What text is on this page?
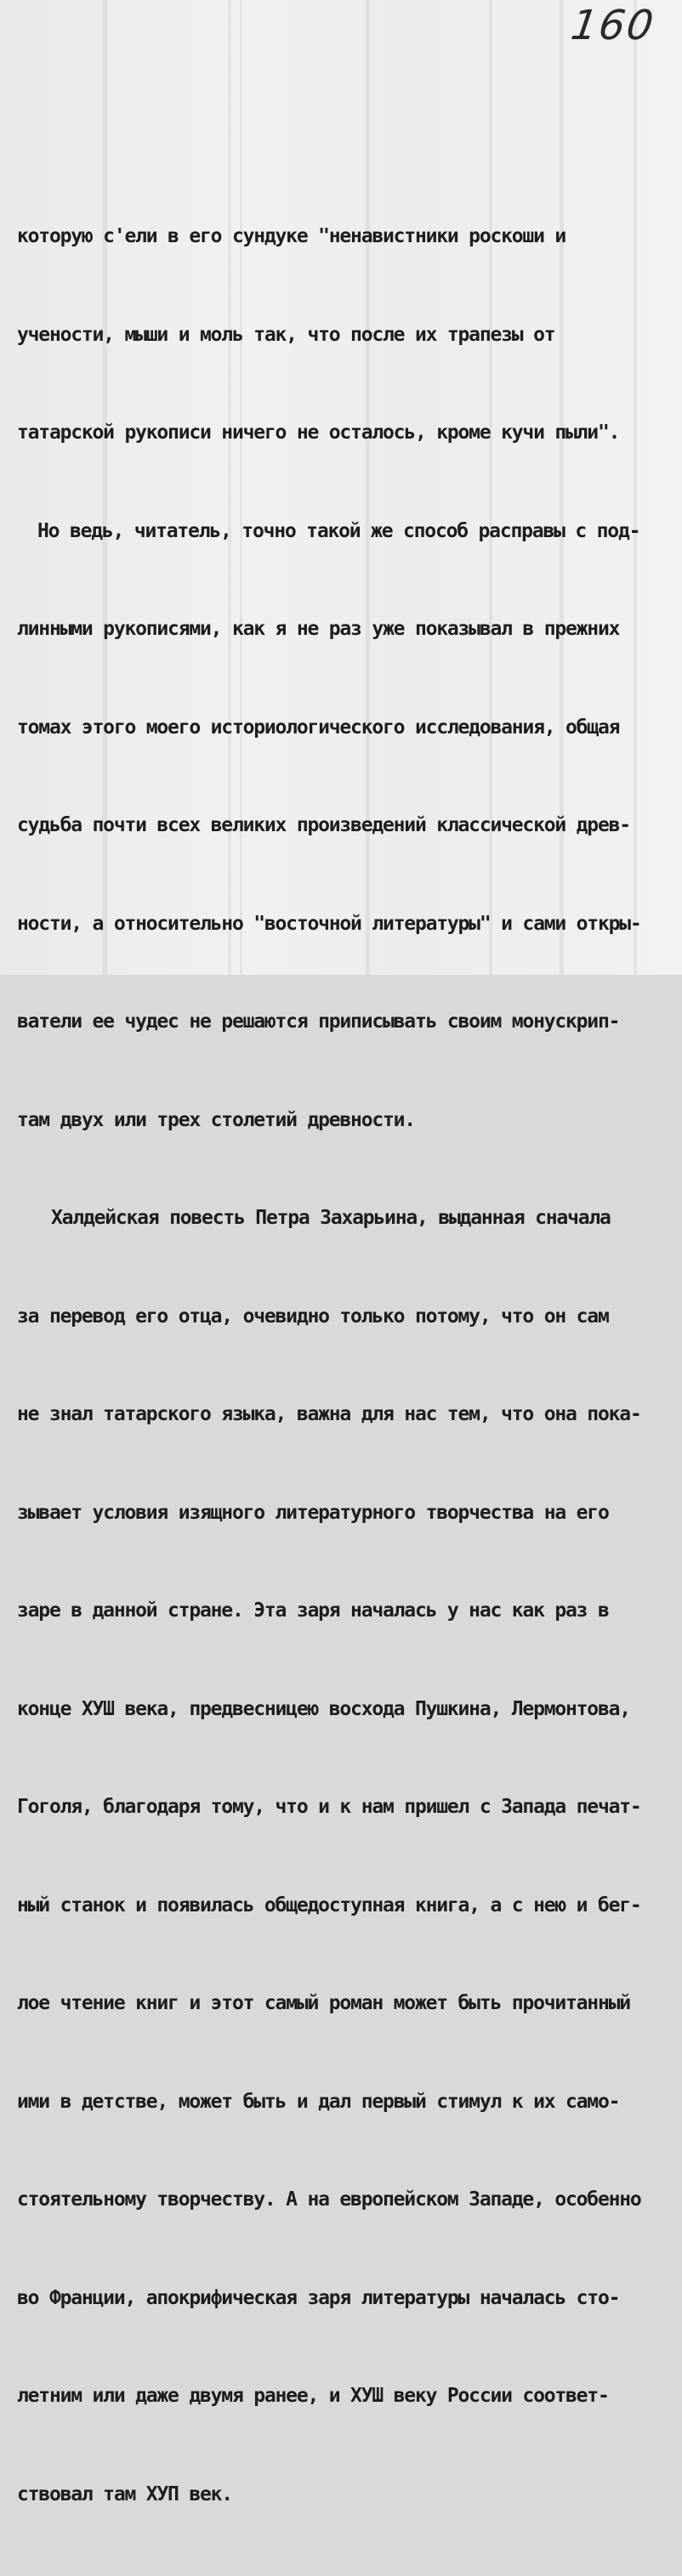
160

которую с'ели в его сундуке "ненавистники роскоши и

учености, мыши и моль так, что после их трапезы от

татарской рукописи ничего не осталось, кроме кучи пыли".

Но ведь, читатель, точно такой же способ расправы с под-

линными рукописями, как я не раз уже показывал в прежних

томах этого моего историологического исследования, общая

судьба почти всех великих произведений классической древ-

ности, а относительно "восточной литературы" и сами откры-

ватели ее чудес не решаются приписывать своим монускрип-

там двух или трех столетий древности.

Халдейская повесть Петра Захарьина, выданная сначала

за перевод его отца, очевидно только потому, что он сам

не знал татарского языка, важна для нас тем, что она пока-

зывает условия изящного литературного творчества на его

заре в данной стране. Эта заря началась у нас как раз в

конце ХУШ века, предвесницею восхода Пушкина, Лермонтова,

Гоголя, благодаря тому, что и к нам пришел с Запада печат-

ный станок и появилась общедоступная книга, а с нею и бег-

лое чтение книг и этот самый роман может быть прочитанный

ими в детстве, может быть и дал первый стимул к их само-

стоятельному творчеству. А на европейском Западе, особенно

во Франции, апокрифическая заря литературы началась сто-

летним или даже двумя ранее, и ХУШ веку России соответ-

ствовал там ХУП век.
